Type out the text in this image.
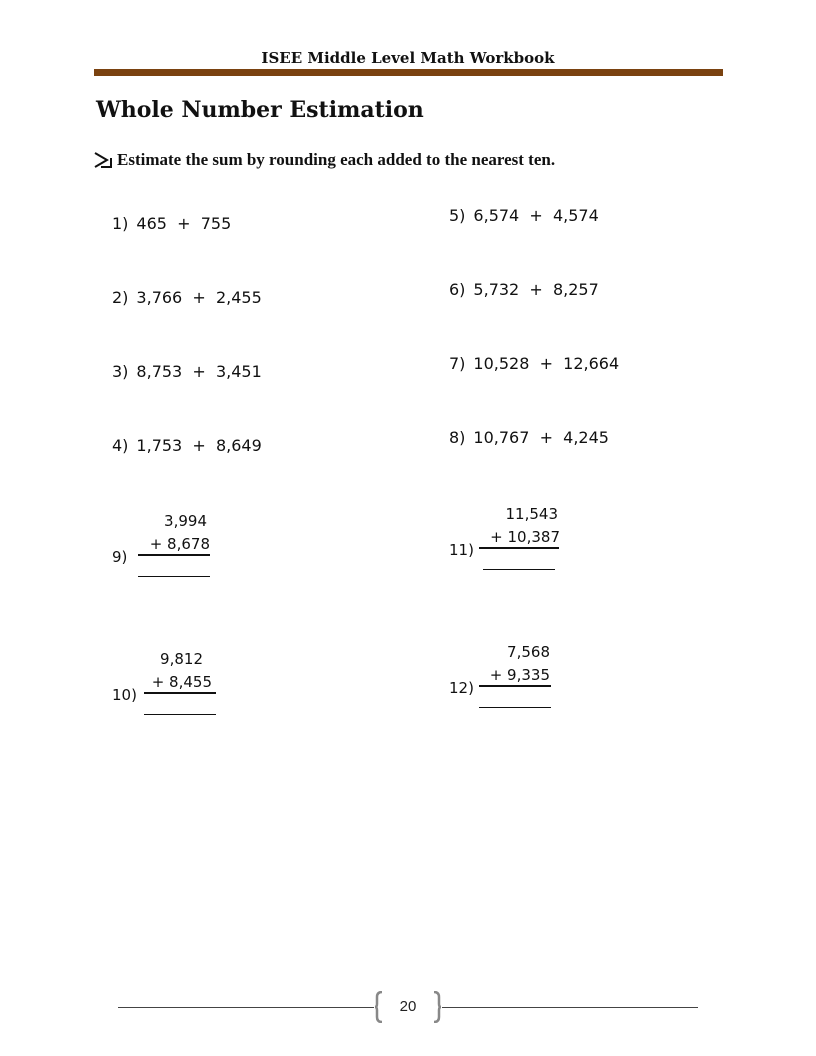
ISEE Middle Level Math Workbook
Whole Number Estimation
Estimate the sum by rounding each added to the nearest ten.
1) 465  +  755
2) 3,766  +  2,455
3) 8,753  +  3,451
4) 1,753  +  8,649
5) 6,574  +  4,574
6) 5,732  +  8,257
7) 10,528  +  12,664
8) 10,767  +  4,245
3,994
+ 8,678
9)
9,812
+ 8,455
10)
11,543
+ 10,387
11)
7,568
+ 9,335
12)
20
